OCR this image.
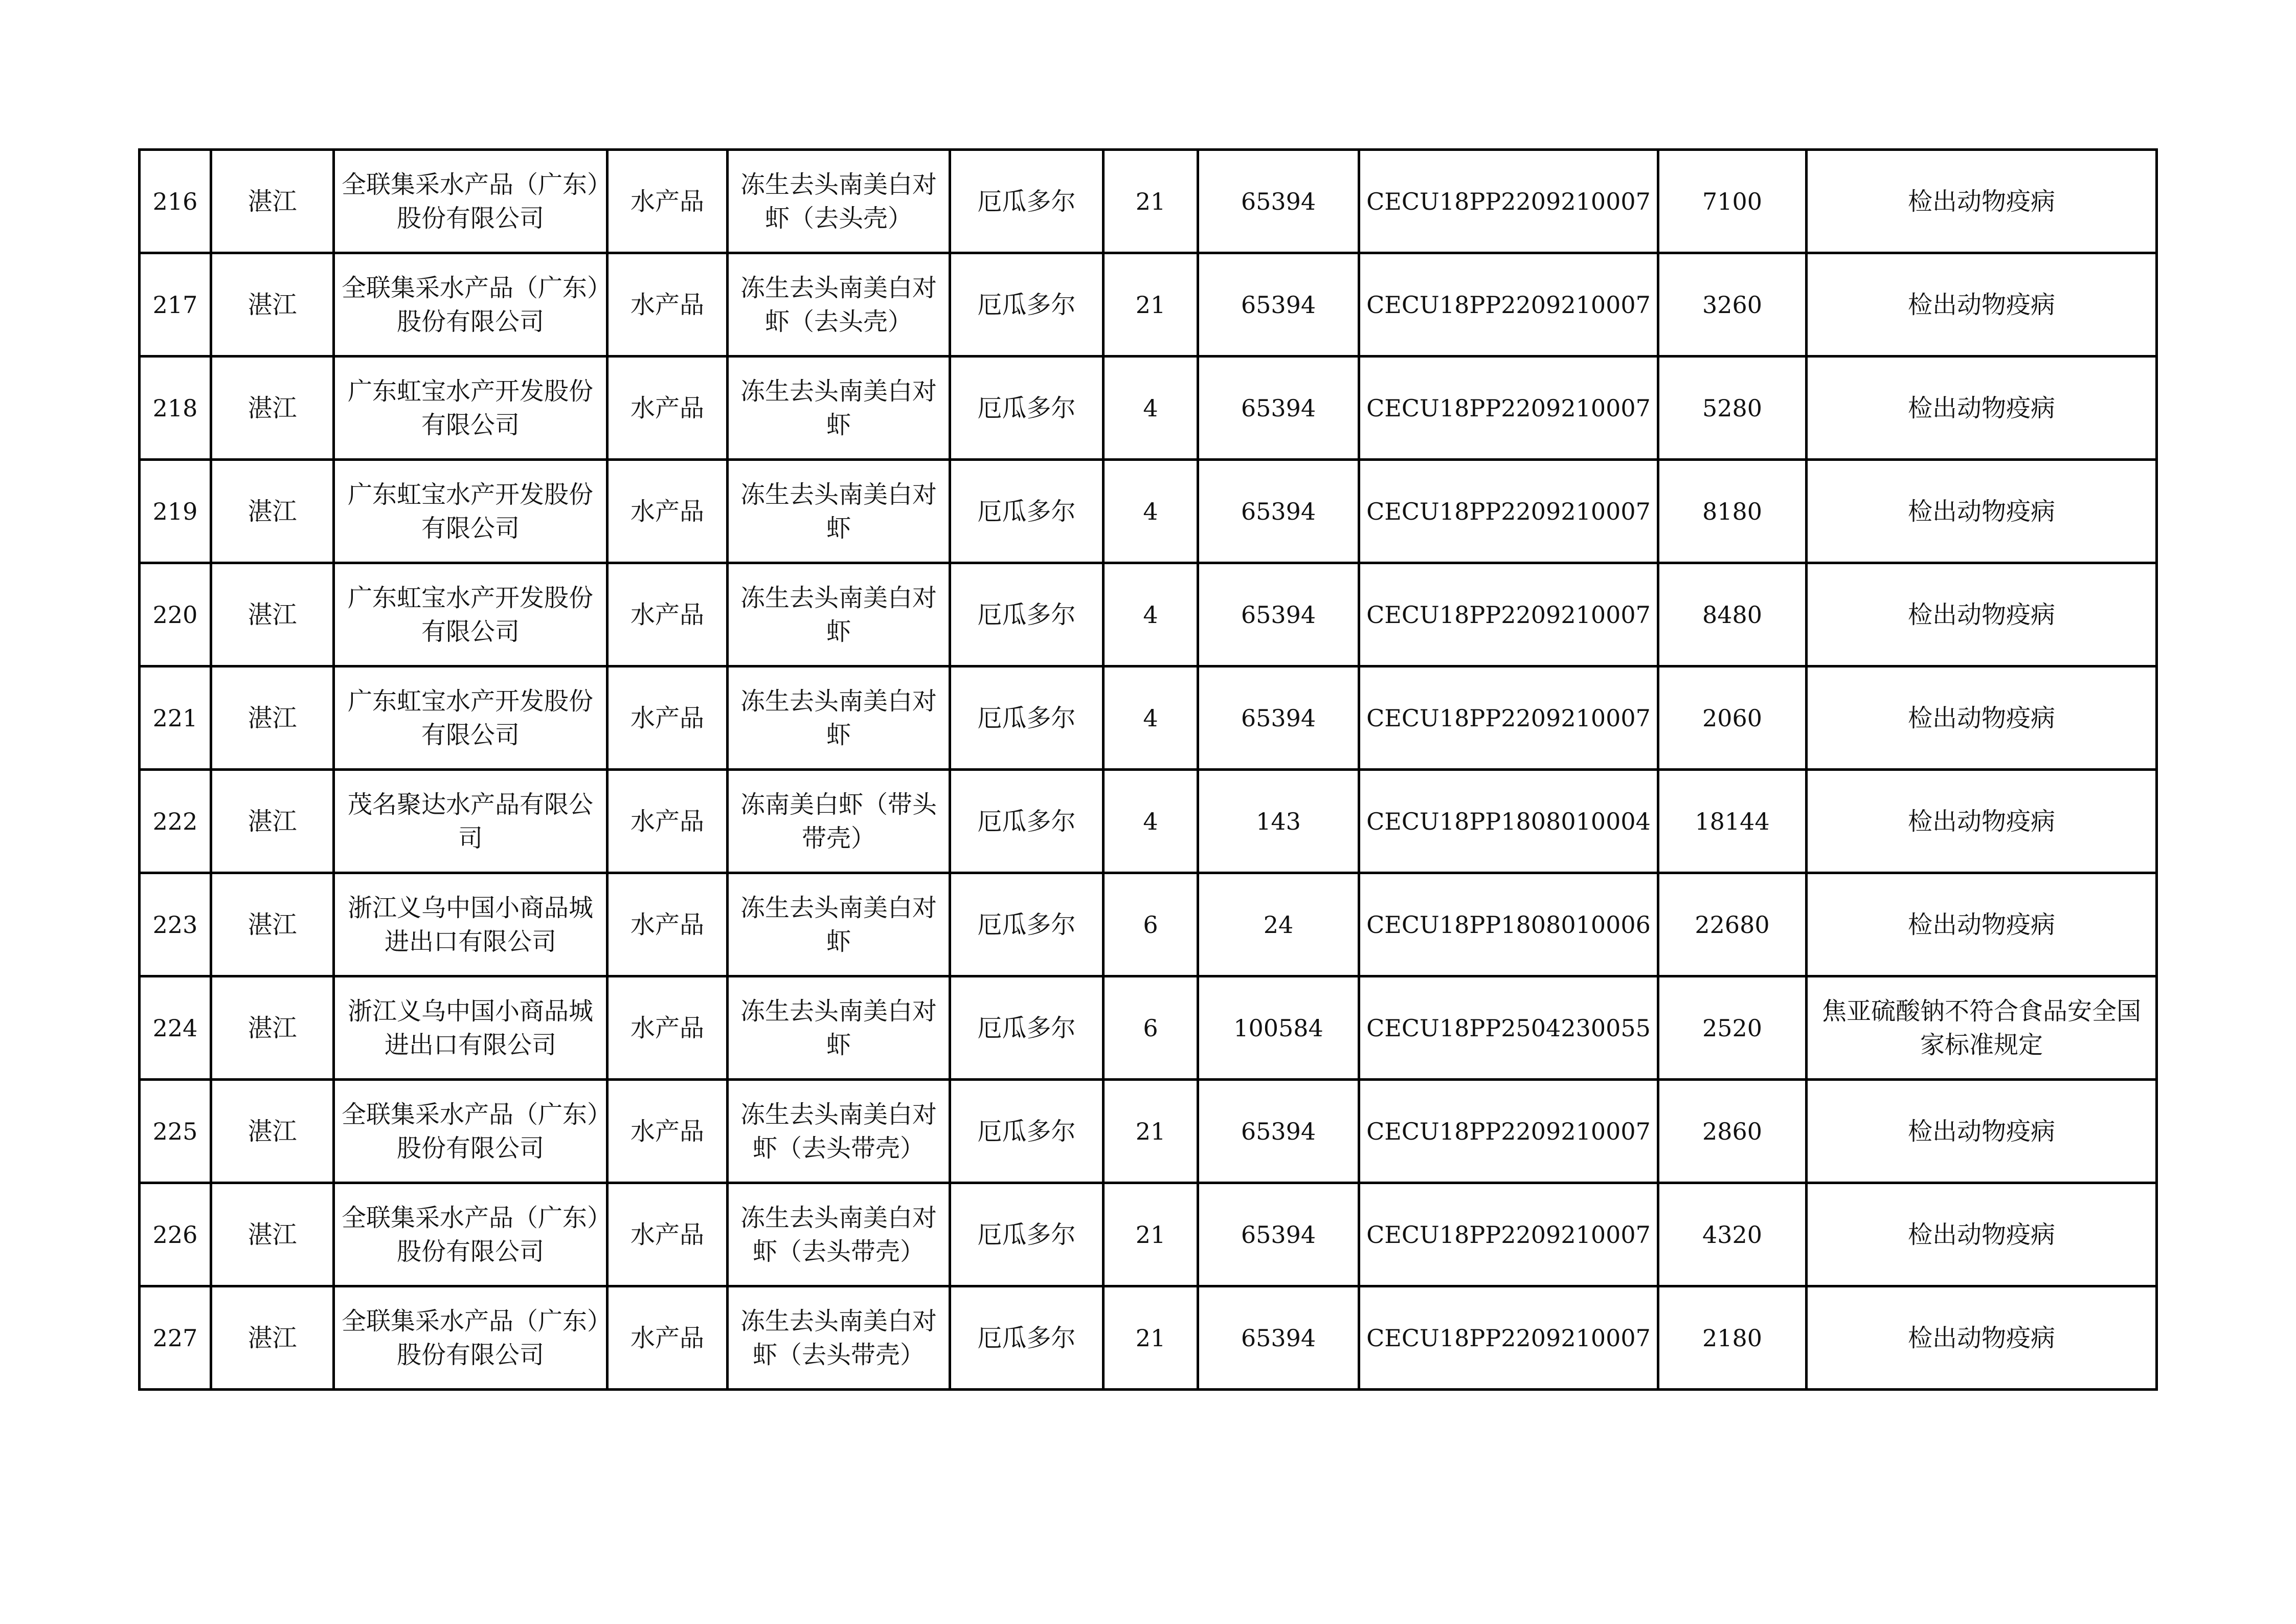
216	湛江	全联集采水产品（广东）股份有限公司	水产品	冻生去头南美白对虾（去头壳）	厄瓜多尔	21	65394	CECU18PP2209210007	7100	检出动物疫病
217	湛江	全联集采水产品（广东）股份有限公司	水产品	冻生去头南美白对虾（去头壳）	厄瓜多尔	21	65394	CECU18PP2209210007	3260	检出动物疫病
218	湛江	广东虹宝水产开发股份有限公司	水产品	冻生去头南美白对虾	厄瓜多尔	4	65394	CECU18PP2209210007	5280	检出动物疫病
219	湛江	广东虹宝水产开发股份有限公司	水产品	冻生去头南美白对虾	厄瓜多尔	4	65394	CECU18PP2209210007	8180	检出动物疫病
220	湛江	广东虹宝水产开发股份有限公司	水产品	冻生去头南美白对虾	厄瓜多尔	4	65394	CECU18PP2209210007	8480	检出动物疫病
221	湛江	广东虹宝水产开发股份有限公司	水产品	冻生去头南美白对虾	厄瓜多尔	4	65394	CECU18PP2209210007	2060	检出动物疫病
222	湛江	茂名聚达水产品有限公司	水产品	冻南美白虾（带头带壳）	厄瓜多尔	4	143	CECU18PP1808010004	18144	检出动物疫病
223	湛江	浙江义乌中国小商品城进出口有限公司	水产品	冻生去头南美白对虾	厄瓜多尔	6	24	CECU18PP1808010006	22680	检出动物疫病
224	湛江	浙江义乌中国小商品城进出口有限公司	水产品	冻生去头南美白对虾	厄瓜多尔	6	100584	CECU18PP2504230055	2520	焦亚硫酸钠不符合食品安全国家标准规定
225	湛江	全联集采水产品（广东）股份有限公司	水产品	冻生去头南美白对虾（去头带壳）	厄瓜多尔	21	65394	CECU18PP2209210007	2860	检出动物疫病
226	湛江	全联集采水产品（广东）股份有限公司	水产品	冻生去头南美白对虾（去头带壳）	厄瓜多尔	21	65394	CECU18PP2209210007	4320	检出动物疫病
227	湛江	全联集采水产品（广东）股份有限公司	水产品	冻生去头南美白对虾（去头带壳）	厄瓜多尔	21	65394	CECU18PP2209210007	2180	检出动物疫病
